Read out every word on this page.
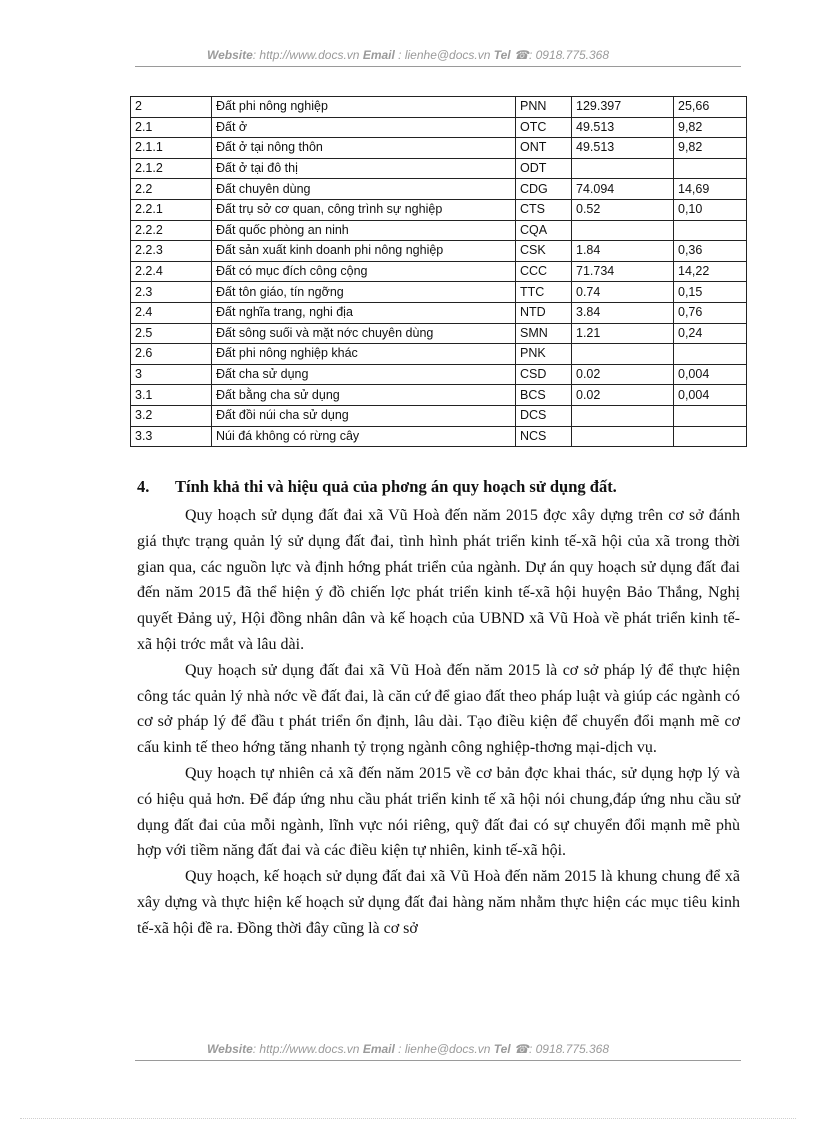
Website: http://www.docs.vn Email : lienhe@docs.vn Tel ☎: 0918.775.368
2	Đất phi nông nghiệp	PNN	129.397	25,66
2.1	Đất ở	OTC	49.513	9,82
2.1.1	Đất ở tại nông thôn	ONT	49.513	9,82
2.1.2	Đất ở tại đô thị	ODT		
2.2	Đất chuyên dùng	CDG	74.094	14,69
2.2.1	Đất trụ sở cơ quan, công trình sự nghiệp	CTS	0.52	0,10
2.2.2	Đất quốc phòng an ninh	CQA		
2.2.3	Đất sản xuất kinh doanh phi nông nghiệp	CSK	1.84	0,36
2.2.4	Đất có mục đích công cộng	CCC	71.734	14,22
2.3	Đất tôn giáo, tín ngỡng	TTC	0.74	0,15
2.4	Đất nghĩa trang, nghi địa	NTD	3.84	0,76
2.5	Đất sông suối và mặt nớc chuyên dùng	SMN	1.21	0,24
2.6	Đất phi nông nghiệp khác	PNK		
3	Đất cha sử dụng	CSD	0.02	0,004
3.1	Đất bằng cha sử dụng	BCS	0.02	0,004
3.2	Đất đồi núi cha sử dụng	DCS		
3.3	Núi đá không có rừng cây	NCS		
4. Tính khả thi và hiệu quả của phơng án quy hoạch sử dụng đất.

Quy hoạch sử dụng đất đai xã Vũ Hoà đến năm 2015 đợc xây dựng trên cơ sở đánh giá thực trạng quản lý sử dụng đất đai, tình hình phát triển kinh tế-xã hội của xã trong thời gian qua, các nguồn lực và định hớng phát triển của ngành. Dự án quy hoạch sử dụng đất đai đến năm 2015 đã thể hiện ý đồ chiến lợc phát triển kinh tế-xã hội huyện Bảo Thắng, Nghị quyết Đảng uỷ, Hội đồng nhân dân và kế hoạch của UBND xã Vũ Hoà về phát triển kinh tế-xã hội trớc mắt và lâu dài.

Quy hoạch sử dụng đất đai xã Vũ Hoà đến năm 2015 là cơ sở pháp lý để thực hiện công tác quản lý nhà nớc về đất đai, là căn cứ để giao đất theo pháp luật và giúp các ngành có cơ sở pháp lý để đầu t phát triển ổn định, lâu dài. Tạo điều kiện để chuyển đổi mạnh mẽ cơ cấu kinh tế theo hớng tăng nhanh tỷ trọng ngành công nghiệp-thơng mại-dịch vụ.

Quy hoạch tự nhiên cả xã đến năm 2015 về cơ bản đợc khai thác, sử dụng hợp lý và có hiệu quả hơn. Để đáp ứng nhu cầu phát triển kinh tế xã hội nói chung,đáp ứng nhu cầu sử dụng đất đai của mỗi ngành, lĩnh vực nói riêng, quỹ đất đai có sự chuyển đổi mạnh mẽ phù hợp với tiềm năng đất đai và các điều kiện tự nhiên, kinh tế-xã hội.

Quy hoạch, kế hoạch sử dụng đất đai xã Vũ Hoà đến năm 2015 là khung chung để xã xây dựng và thực hiện kế hoạch sử dụng đất đai hàng năm nhằm thực hiện các mục tiêu kinh tế-xã hội đề ra. Đồng thời đây cũng là cơ sở

Website: http://www.docs.vn Email : lienhe@docs.vn Tel ☎: 0918.775.368
